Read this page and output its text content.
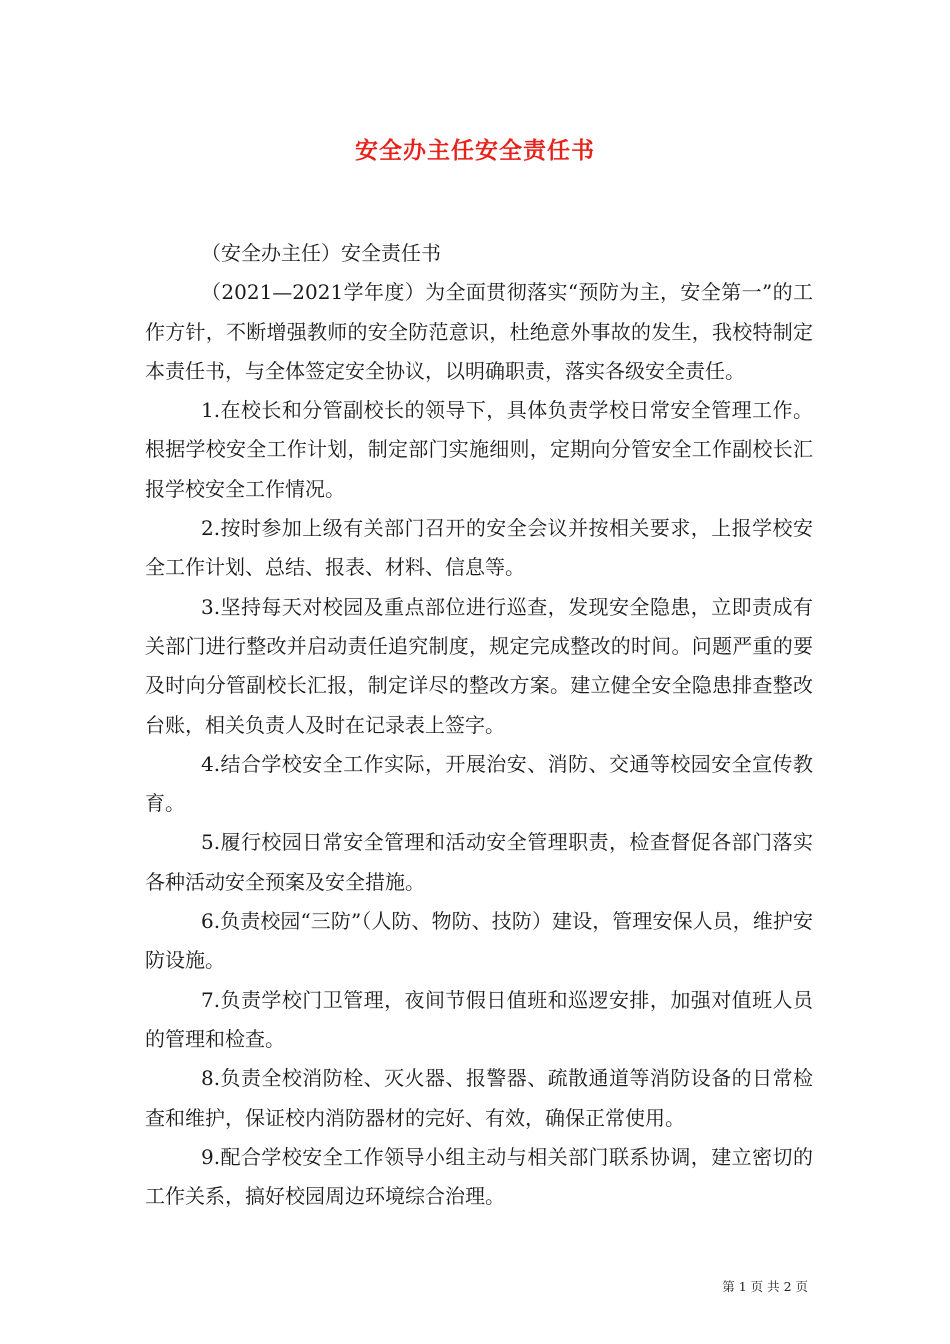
安全办主任安全责任书

（安全办主任）安全责任书

（2021—2021学年度）为全面贯彻落实“预防为主，安全第一”的工作方针，不断增强教师的安全防范意识，杜绝意外事故的发生，我校特制定本责任书，与全体签定安全协议，以明确职责，落实各级安全责任。

1.在校长和分管副校长的领导下，具体负责学校日常安全管理工作。根据学校安全工作计划，制定部门实施细则，定期向分管安全工作副校长汇报学校安全工作情况。

2.按时参加上级有关部门召开的安全会议并按相关要求，上报学校安全工作计划、总结、报表、材料、信息等。

3.坚持每天对校园及重点部位进行巡查，发现安全隐患，立即责成有关部门进行整改并启动责任追究制度，规定完成整改的时间。问题严重的要及时向分管副校长汇报，制定详尽的整改方案。建立健全安全隐患排查整改台账，相关负责人及时在记录表上签字。

4.结合学校安全工作实际，开展治安、消防、交通等校园安全宣传教育。

5.履行校园日常安全管理和活动安全管理职责，检查督促各部门落实各种活动安全预案及安全措施。

6.负责校园“三防”（人防、物防、技防）建设，管理安保人员，维护安防设施。

7.负责学校门卫管理，夜间节假日值班和巡逻安排，加强对值班人员的管理和检查。

8.负责全校消防栓、灭火器、报警器、疏散通道等消防设备的日常检查和维护，保证校内消防器材的完好、有效，确保正常使用。

9.配合学校安全工作领导小组主动与相关部门联系协调，建立密切的工作关系，搞好校园周边环境综合治理。

第 1 页 共 2 页
